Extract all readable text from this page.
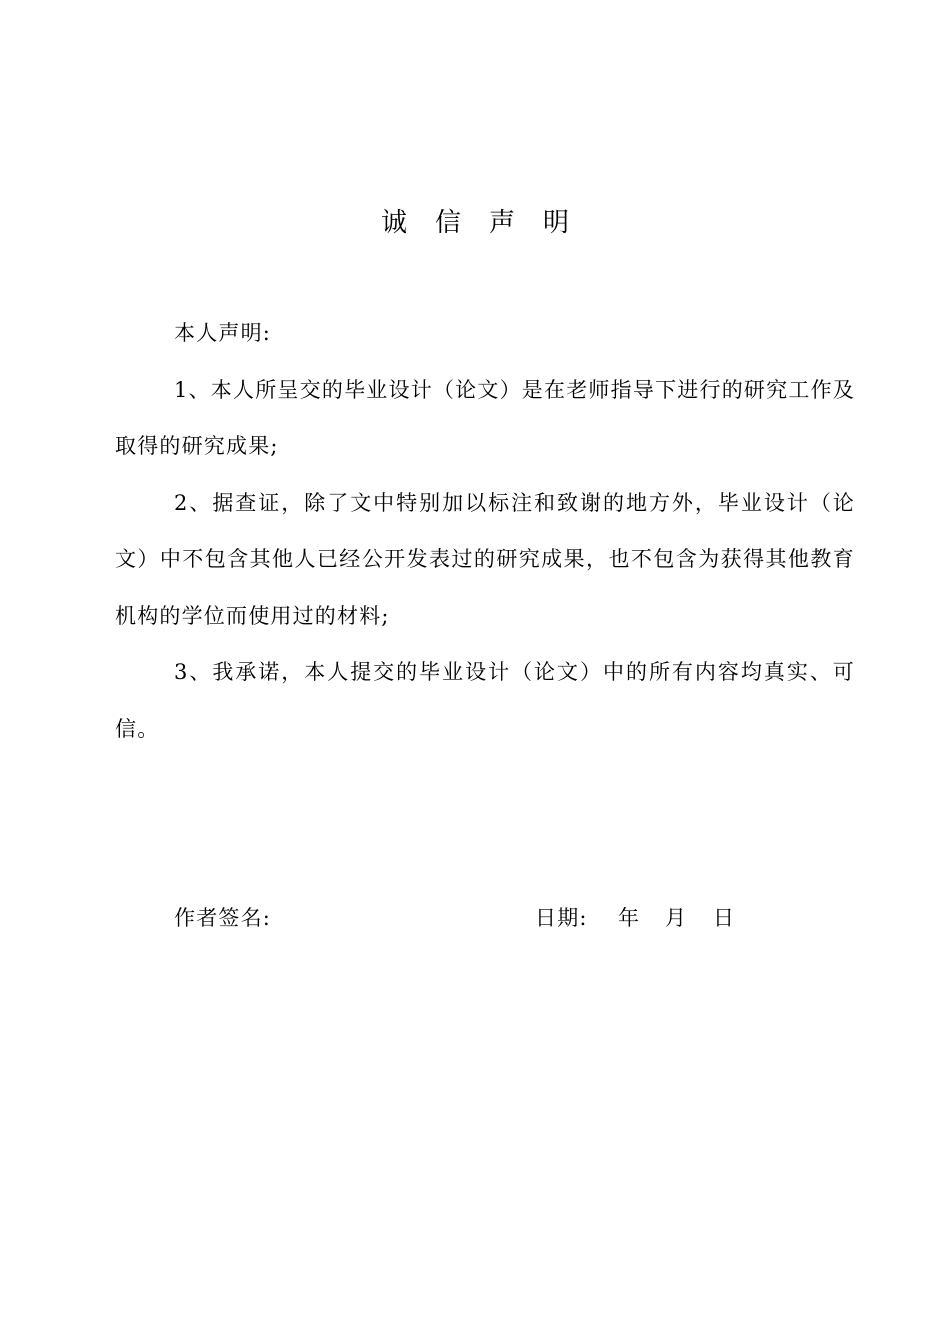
诚 信 声 明

本人声明:

1、本人所呈交的毕业设计（论文）是在老师指导下进行的研究工作及取得的研究成果;

2、据查证，除了文中特别加以标注和致谢的地方外，毕业设计（论文）中不包含其他人已经公开发表过的研究成果，也不包含为获得其他教育机构的学位而使用过的材料;

3、我承诺，本人提交的毕业设计（论文）中的所有内容均真实、可信。

作者签名:	日期: 年 月 日
